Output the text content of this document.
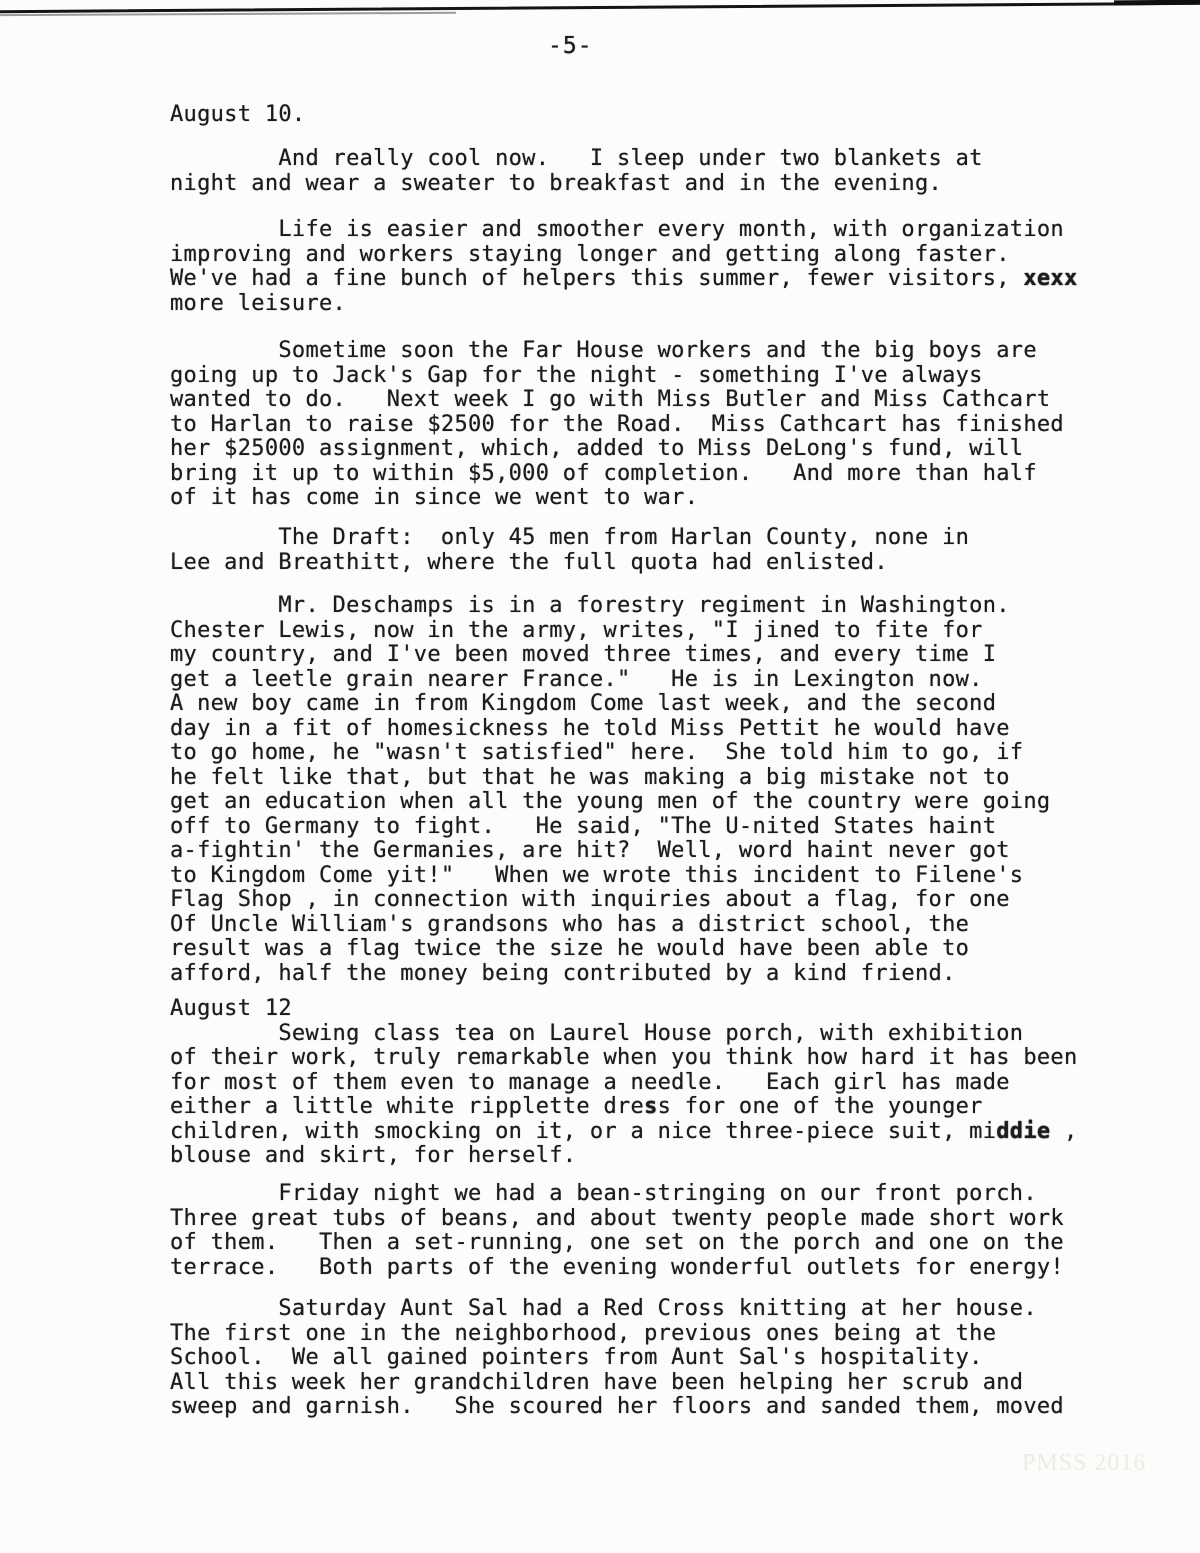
-5-
August 10.
And really cool now.   I sleep under two blankets at
night and wear a sweater to breakfast and in the evening.
Life is easier and smoother every month, with organization
improving and workers staying longer and getting along faster.
We've had a fine bunch of helpers this summer, fewer visitors, xexx
more leisure.
Sometime soon the Far House workers and the big boys are
going up to Jack's Gap for the night - something I've always
wanted to do.   Next week I go with Miss Butler and Miss Cathcart
to Harlan to raise $2500 for the Road.  Miss Cathcart has finished
her $25000 assignment, which, added to Miss DeLong's fund, will
bring it up to within $5,000 of completion.   And more than half
of it has come in since we went to war.
The Draft:  only 45 men from Harlan County, none in
Lee and Breathitt, where the full quota had enlisted.
Mr. Deschamps is in a forestry regiment in Washington.
Chester Lewis, now in the army, writes, "I jined to fite for
my country, and I've been moved three times, and every time I
get a leetle grain nearer France."   He is in Lexington now.
A new boy came in from Kingdom Come last week, and the second
day in a fit of homesickness he told Miss Pettit he would have
to go home, he "wasn't satisfied" here.  She told him to go, if
he felt like that, but that he was making a big mistake not to
get an education when all the young men of the country were going
off to Germany to fight.   He said, "The U-nited States haint
a-fightin' the Germanies, are hit?  Well, word haint never got
to Kingdom Come yit!"   When we wrote this incident to Filene's
Flag Shop , in connection with inquiries about a flag, for one
Of Uncle William's grandsons who has a district school, the
result was a flag twice the size he would have been able to
afford, half the money being contributed by a kind friend.
August 12
Sewing class tea on Laurel House porch, with exhibition
of their work, truly remarkable when you think how hard it has been
for most of them even to manage a needle.   Each girl has made
either a little white ripplette dress for one of the younger
children, with smocking on it, or a nice three-piece suit, middie ,
blouse and skirt, for herself.
Friday night we had a bean-stringing on our front porch.
Three great tubs of beans, and about twenty people made short work
of them.   Then a set-running, one set on the porch and one on the
terrace.   Both parts of the evening wonderful outlets for energy!
Saturday Aunt Sal had a Red Cross knitting at her house.
The first one in the neighborhood, previous ones being at the
School.  We all gained pointers from Aunt Sal's hospitality.
All this week her grandchildren have been helping her scrub and
sweep and garnish.   She scoured her floors and sanded them, moved
PMSS 2016
